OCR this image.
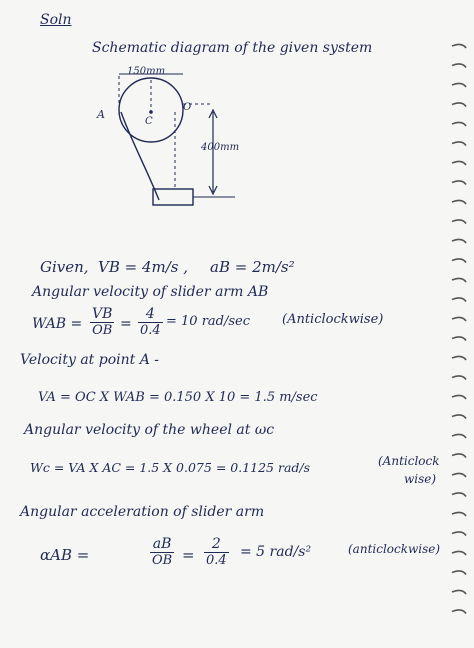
Soln
Schematic diagram of the given system
150mm
A
O
C
400mm
Given, VB = 4m/s , aB = 2m/s²
Angular velocity of slider arm AB
WAB =
VB
OB =
4
0.4
= 10 rad/sec (Anticlockwise)
Velocity at point A -
VA = OC X WAB = 0.150 X 10 = 1.5 m/sec
Angular velocity of the wheel at ωc
Wc = VA X AC = 1.5 X 0.075 = 0.1125 rad/s	(Anticlock
wise)
Angular acceleration of slider arm
αAB =
aB
OB =
2
0.4
= 5 rad/s²	(anticlockwise)
